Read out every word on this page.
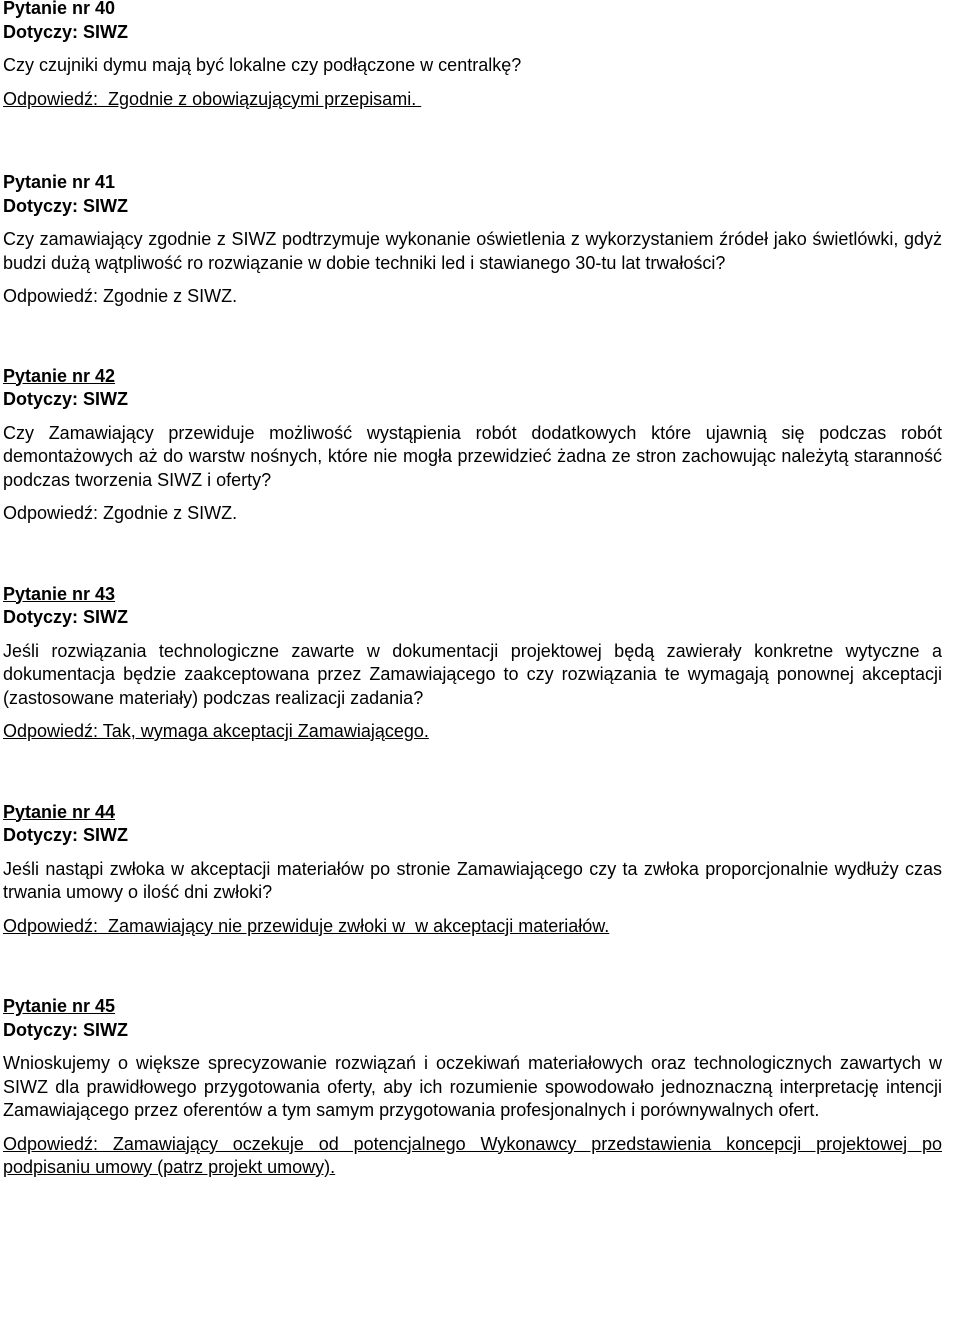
Pytanie nr 40
Dotyczy: SIWZ
Czy czujniki dymu mają być lokalne czy podłączone w centralkę?
Odpowiedź:  Zgodnie z obowiązującymi przepisami.
Pytanie nr 41
Dotyczy: SIWZ
Czy zamawiający zgodnie z SIWZ podtrzymuje wykonanie oświetlenia z wykorzystaniem źródeł jako świetlówki, gdyż budzi dużą wątpliwość ro rozwiązanie w dobie techniki led i stawianego 30-tu lat trwałości?
Odpowiedź: Zgodnie z SIWZ.
Pytanie nr 42
Dotyczy: SIWZ
Czy Zamawiający przewiduje możliwość wystąpienia robót dodatkowych które ujawnią się podczas robót demontażowych aż do warstw nośnych, które nie mogła przewidzieć żadna ze stron zachowując należytą staranność podczas tworzenia SIWZ i oferty?
Odpowiedź: Zgodnie z SIWZ.
Pytanie nr 43
Dotyczy: SIWZ
Jeśli rozwiązania technologiczne zawarte w dokumentacji projektowej będą zawierały konkretne wytyczne a dokumentacja będzie zaakceptowana przez Zamawiającego to czy rozwiązania te wymagają ponownej akceptacji (zastosowane materiały) podczas realizacji zadania?
Odpowiedź: Tak, wymaga akceptacji Zamawiającego.
Pytanie nr 44
Dotyczy: SIWZ
Jeśli nastąpi zwłoka w akceptacji materiałów po stronie Zamawiającego czy ta zwłoka proporcjonalnie wydłuży czas trwania umowy o ilość dni zwłoki?
Odpowiedź:  Zamawiający nie przewiduje zwłoki w  w akceptacji materiałów.
Pytanie nr 45
Dotyczy: SIWZ
Wnioskujemy o większe sprecyzowanie rozwiązań i oczekiwań materiałowych oraz technologicznych zawartych w SIWZ dla prawidłowego przygotowania oferty, aby ich rozumienie spowodowało jednoznaczną interpretację intencji Zamawiającego przez oferentów a tym samym przygotowania profesjonalnych i porównywalnych ofert.
Odpowiedź: Zamawiający oczekuje od potencjalnego Wykonawcy przedstawienia koncepcji projektowej po podpisaniu umowy (patrz projekt umowy).
